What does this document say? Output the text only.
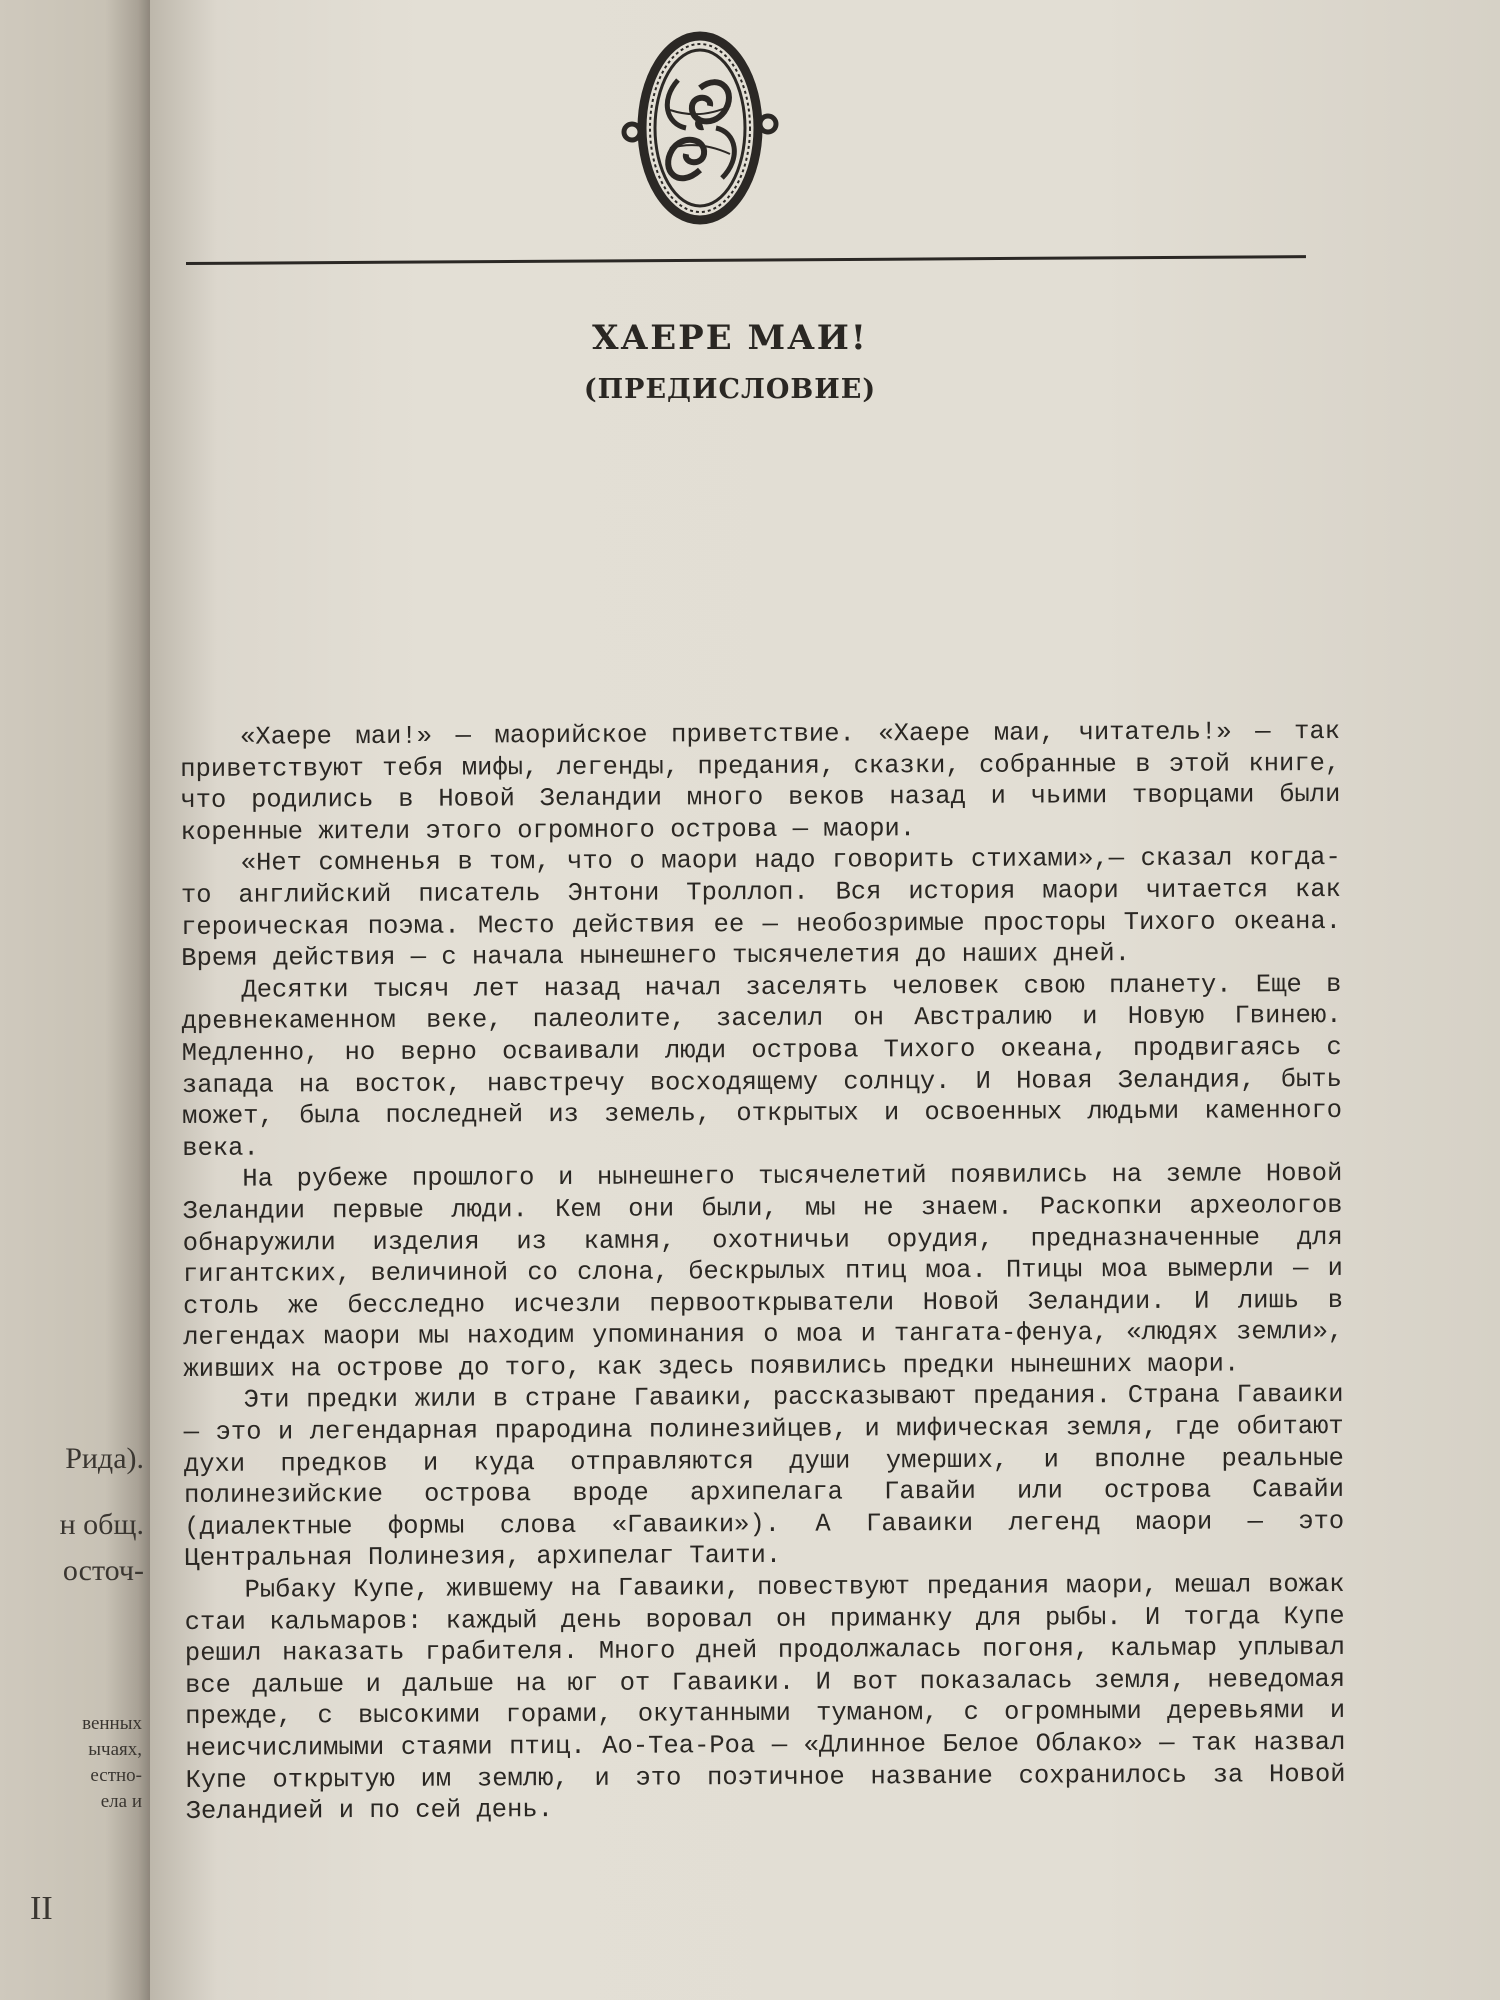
Рида).
н общ.
осточ-
венных
ычаях,
естно-
ела и
II
ХАЕРЕ МАИ!
(ПРЕДИСЛОВИЕ)

«Хаере маи!» — маорийское приветствие. «Хаере маи, читатель!» — так приветствуют тебя мифы, легенды, предания, сказки, собранные в этой книге, что родились в Новой Зеландии много веков назад и чьими творцами были коренные жители этого огромного острова — маори.

«Нет сомненья в том, что о маори надо говорить стихами»,— сказал когда-то английский писатель Энтони Троллоп. Вся история маори читается как героическая поэма. Место действия ее — необозримые просторы Тихого океана. Время действия — с начала нынешнего тысячелетия до наших дней.

Десятки тысяч лет назад начал заселять человек свою планету. Еще в древнекаменном веке, палеолите, заселил он Австралию и Новую Гвинею. Медленно, но верно осваивали люди острова Тихого океана, продвигаясь с запада на восток, навстречу восходящему солнцу. И Новая Зеландия, быть может, была последней из земель, открытых и освоенных людьми каменного века.

На рубеже прошлого и нынешнего тысячелетий появились на земле Новой Зеландии первые люди. Кем они были, мы не знаем. Раскопки археологов обнаружили изделия из камня, охотничьи орудия, предназначенные для гигантских, величиной со слона, бескрылых птиц моа. Птицы моа вымерли — и столь же бесследно исчезли первооткрыватели Новой Зеландии. И лишь в легендах маори мы находим упоминания о моа и тангата-фенуа, «людях земли», живших на острове до того, как здесь появились предки нынешних маори.

Эти предки жили в стране Гаваики, рассказывают предания. Страна Гаваики — это и легендарная прародина полинезийцев, и мифическая земля, где обитают духи предков и куда отправляются души умерших, и вполне реальные полинезийские острова вроде архипелага Гавайи или острова Савайи (диалектные формы слова «Гаваики»). А Гаваики легенд маори — это Центральная Полинезия, архипелаг Таити.

Рыбаку Купе, жившему на Гаваики, повествуют предания маори, мешал вожак стаи кальмаров: каждый день воровал он приманку для рыбы. И тогда Купе решил наказать грабителя. Много дней продолжалась погоня, кальмар уплывал все дальше и дальше на юг от Гаваики. И вот показалась земля, неведомая прежде, с высокими горами, окутанными туманом, с огромными деревьями и неисчислимыми стаями птиц. Ао-Теа-Роа — «Длинное Белое Облако» — так назвал Купе открытую им землю, и это поэтичное название сохранилось за Новой Зеландией и по сей день.
